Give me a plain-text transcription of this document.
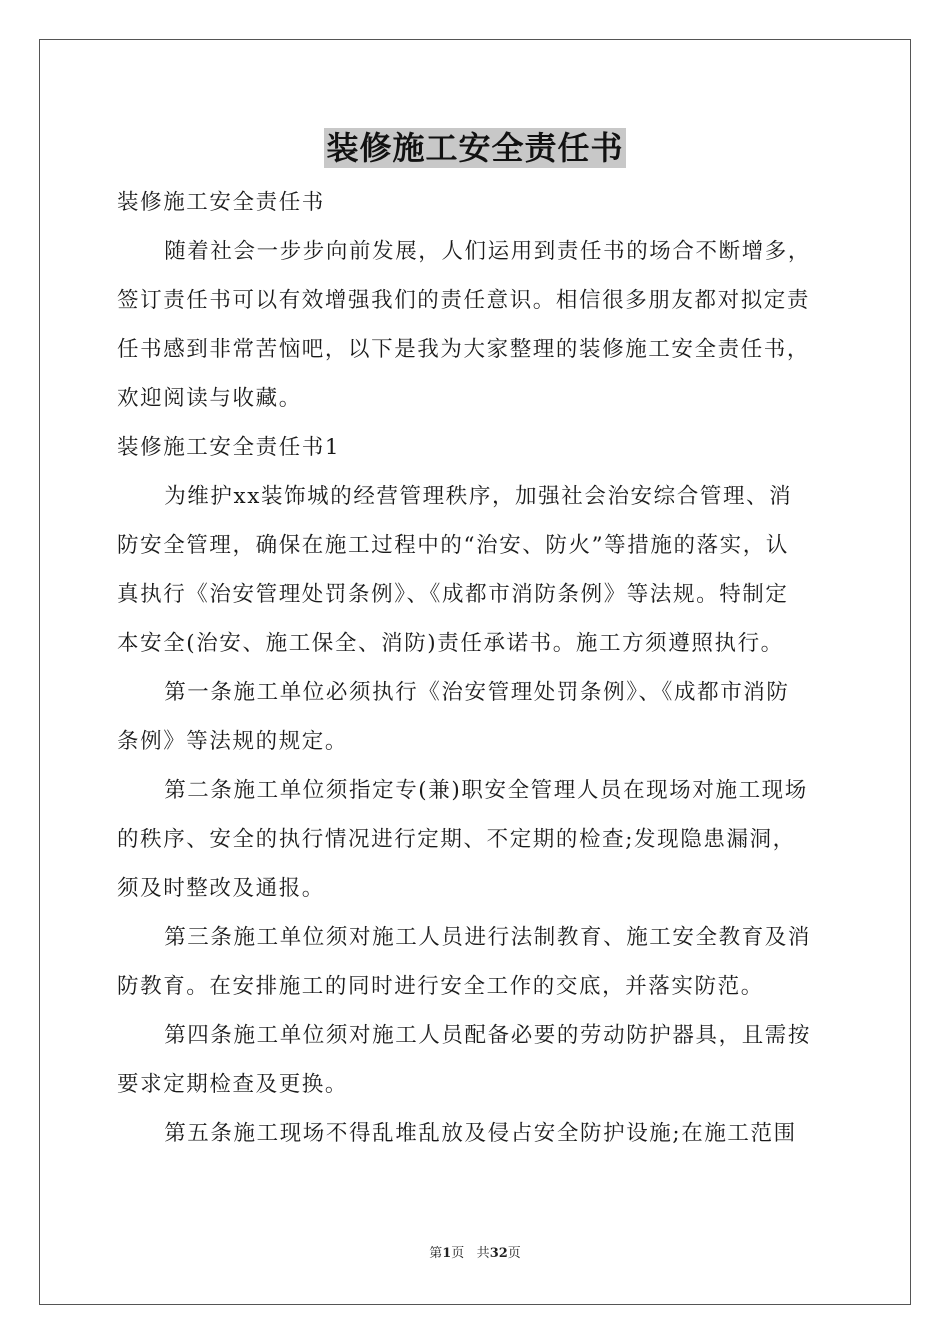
装修施工安全责任书
装修施工安全责任书
随着社会一步步向前发展，人们运用到责任书的场合不断增多，
签订责任书可以有效增强我们的责任意识。相信很多朋友都对拟定责
任书感到非常苦恼吧，以下是我为大家整理的装修施工安全责任书，
欢迎阅读与收藏。
装修施工安全责任书1
为维护xx装饰城的经营管理秩序，加强社会治安综合管理、消
防安全管理，确保在施工过程中的“治安、防火”等措施的落实，认
真执行《治安管理处罚条例》、《成都市消防条例》等法规。特制定
本安全(治安、施工保全、消防)责任承诺书。施工方须遵照执行。
第一条施工单位必须执行《治安管理处罚条例》、《成都市消防
条例》等法规的规定。
第二条施工单位须指定专(兼)职安全管理人员在现场对施工现场
的秩序、安全的执行情况进行定期、不定期的检查;发现隐患漏洞，
须及时整改及通报。
第三条施工单位须对施工人员进行法制教育、施工安全教育及消
防教育。在安排施工的同时进行安全工作的交底，并落实防范。
第四条施工单位须对施工人员配备必要的劳动防护器具，且需按
要求定期检查及更换。
第五条施工现场不得乱堆乱放及侵占安全防护设施;在施工范围
第1页 共32页
